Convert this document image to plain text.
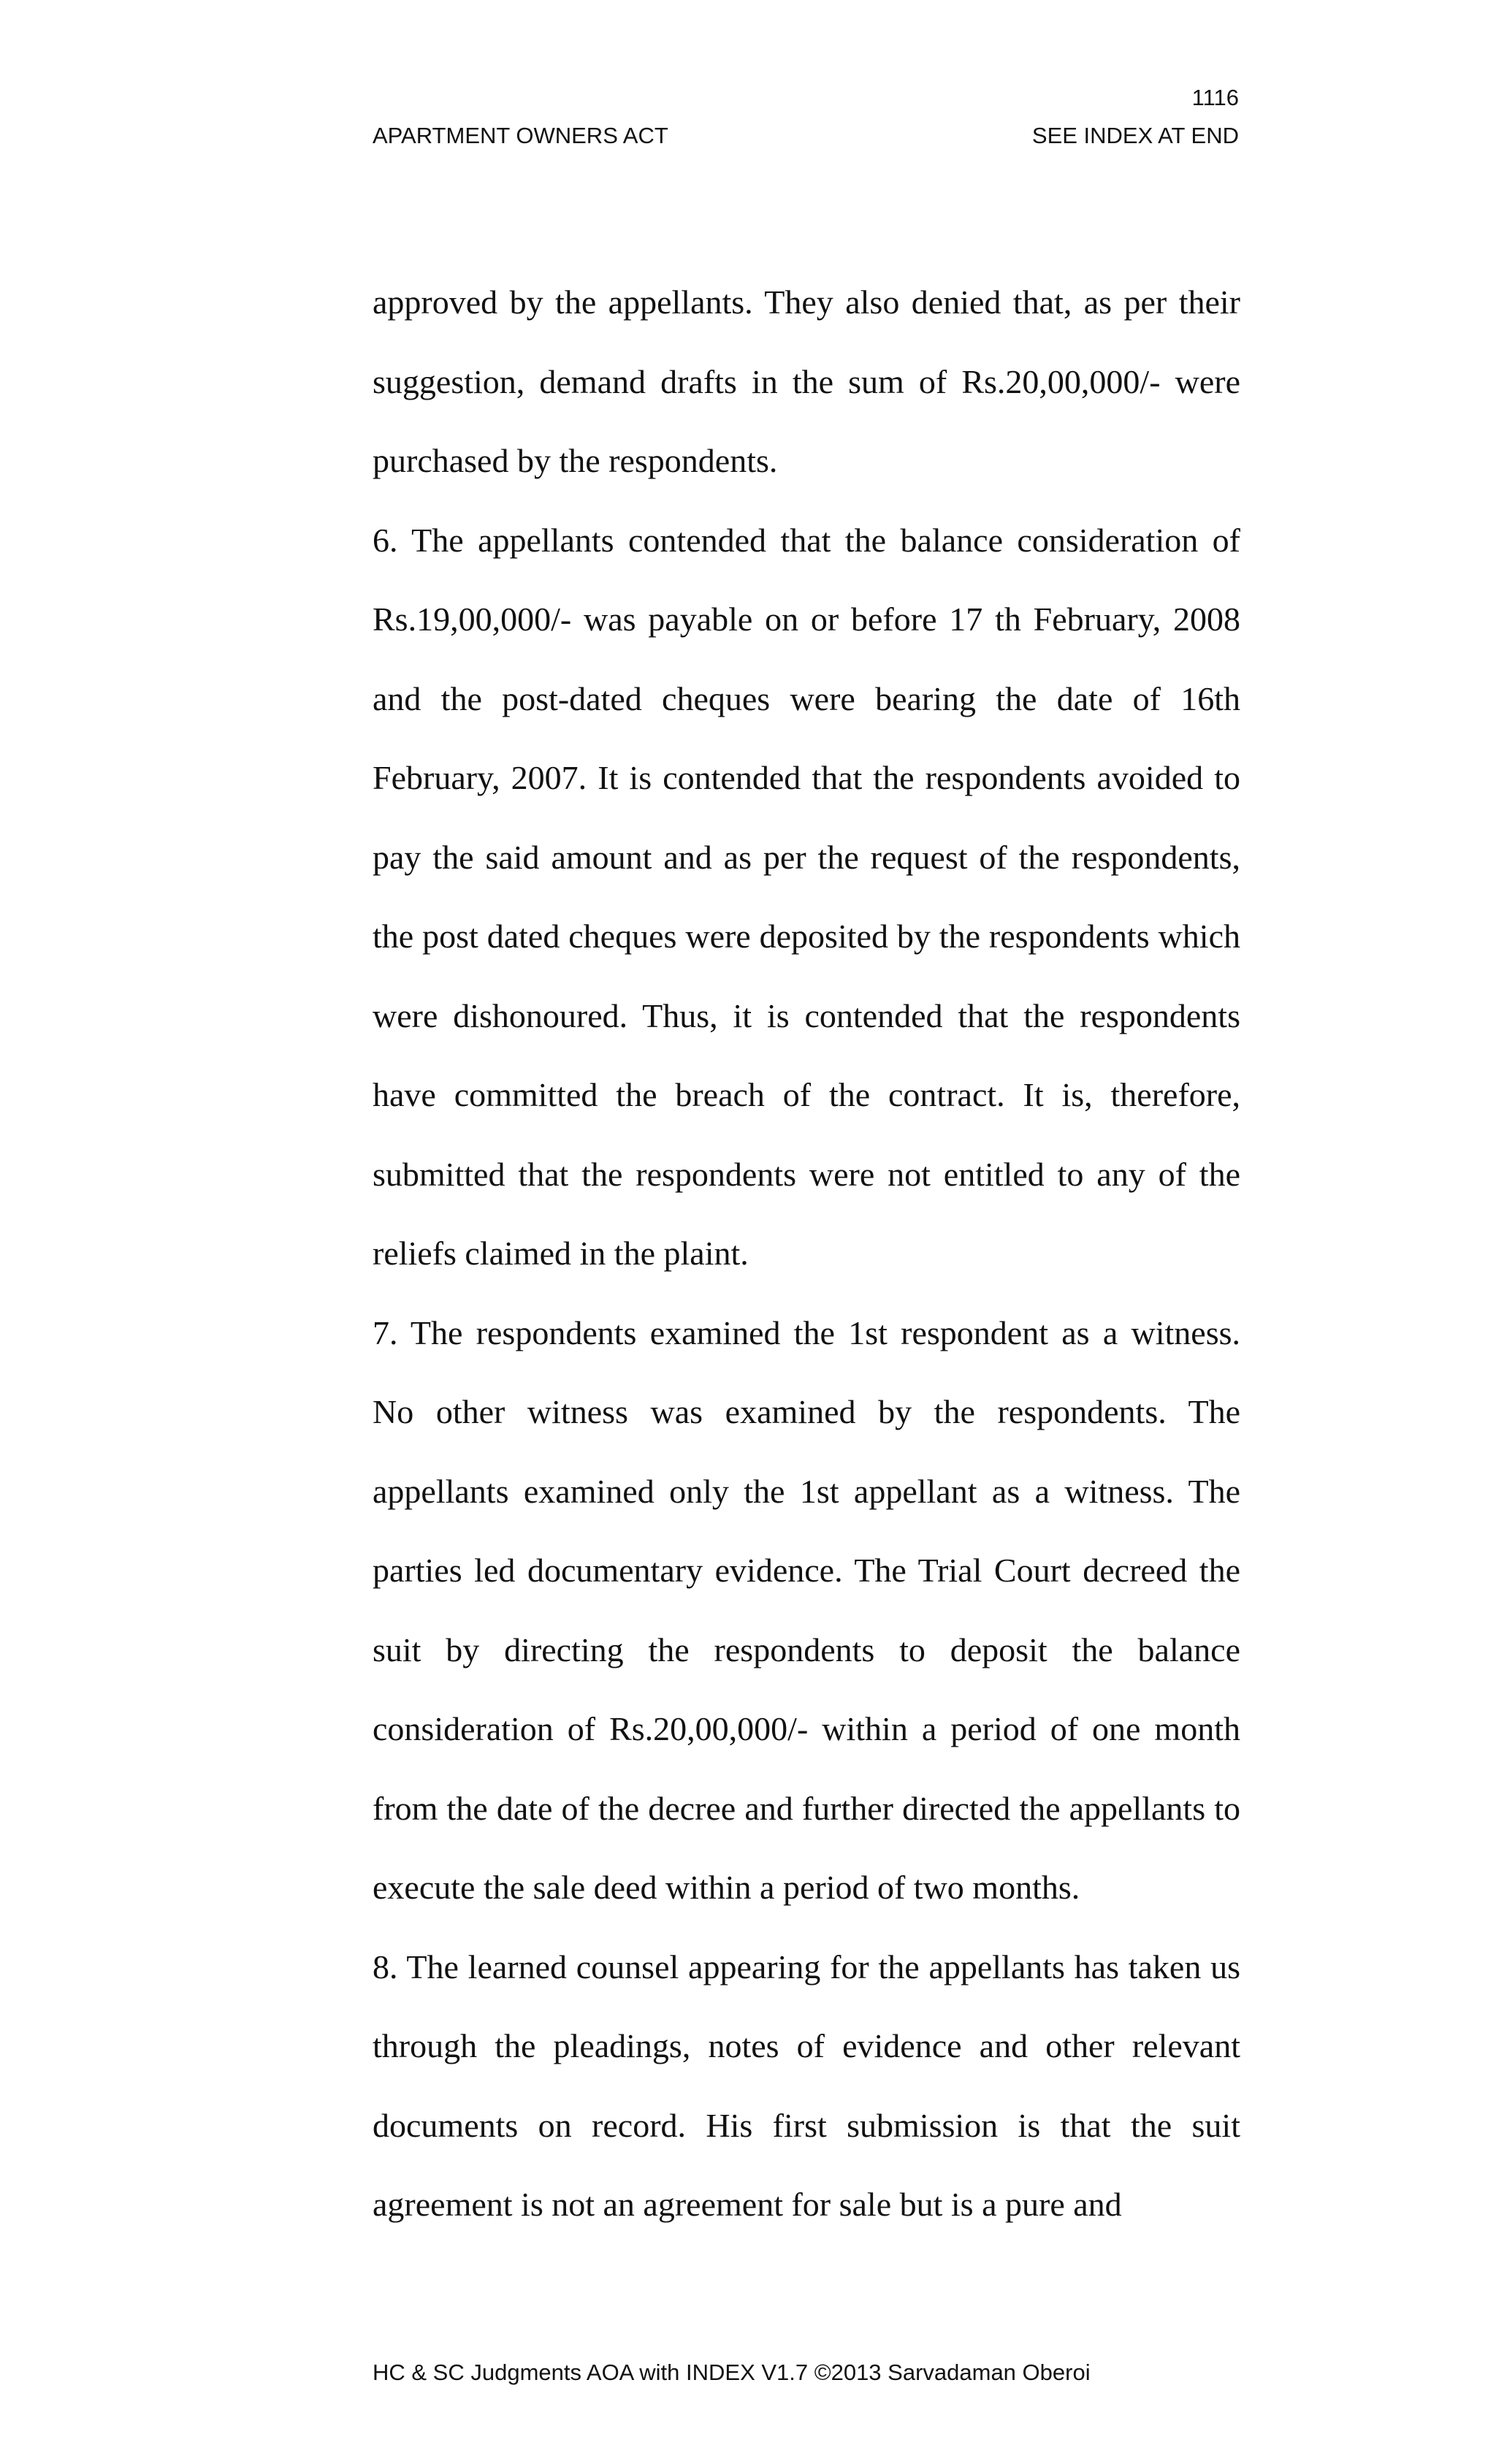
1116
APARTMENT OWNERS ACT	SEE INDEX AT END

approved by the appellants. They also denied that, as per their suggestion, demand drafts in the sum of Rs.20,00,000/- were purchased by the respondents.

6. The appellants contended that the balance consideration of Rs.19,00,000/- was payable on or before 17 th February, 2008 and the post-dated cheques were bearing the date of 16th February, 2007. It is contended that the respondents avoided to pay the said amount and as per the request of the respondents, the post dated cheques were deposited by the respondents which were dishonoured. Thus, it is contended that the respondents have committed the breach of the contract. It is, therefore, submitted that the respondents were not entitled to any of the reliefs claimed in the plaint.

7. The respondents examined the 1st respondent as a witness. No other witness was examined by the respondents. The appellants examined only the 1st appellant as a witness. The parties led documentary evidence. The Trial Court decreed the suit by directing the respondents to deposit the balance consideration of Rs.20,00,000/- within a period of one month from the date of the decree and further directed the appellants to execute the sale deed within a period of two months.

8. The learned counsel appearing for the appellants has taken us through the pleadings, notes of evidence and other relevant documents on record. His first submission is that the suit agreement is not an agreement for sale but is a pure and

HC & SC Judgments AOA with INDEX V1.7 ©2013 Sarvadaman Oberoi
